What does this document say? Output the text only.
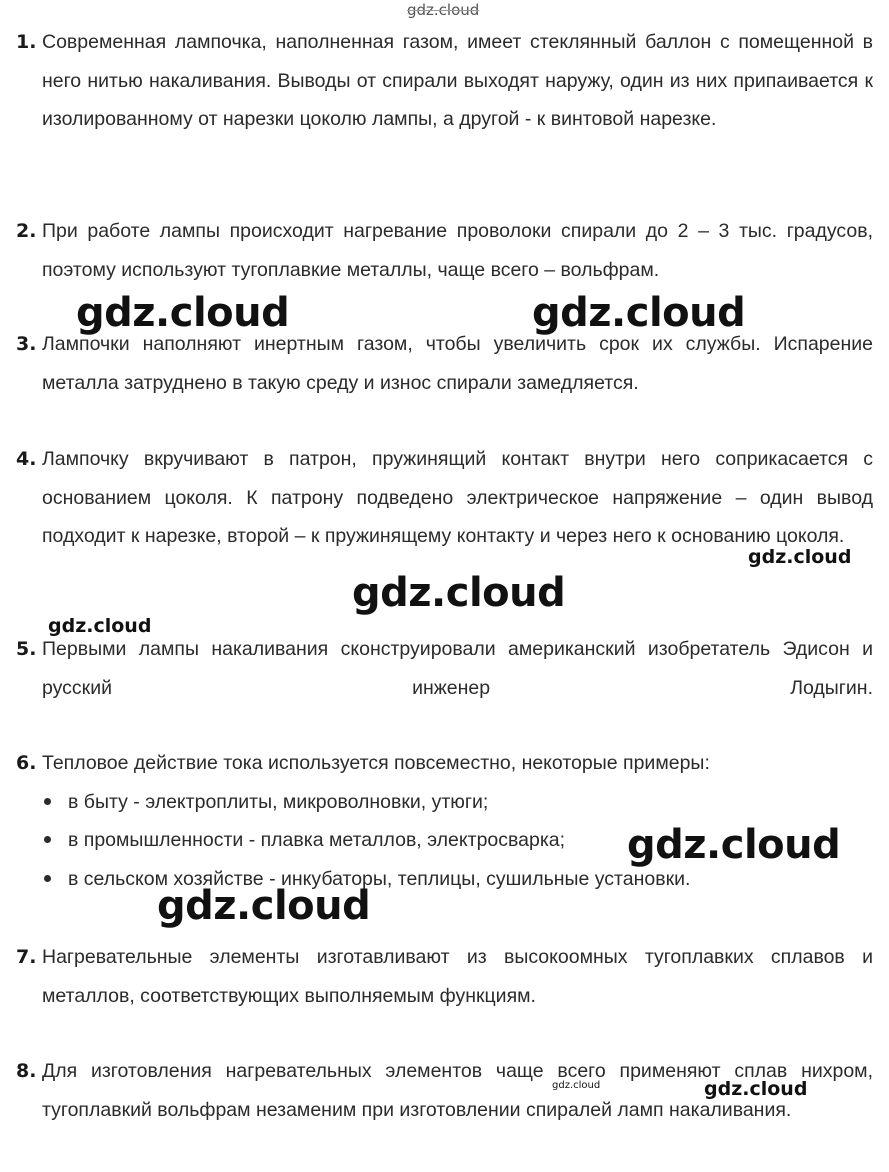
gdz.cloud
1. Современная лампочка, наполненная газом, имеет стеклянный баллон с помещенной в него нитью накаливания. Выводы от спирали выходят наружу, один из них припаивается к изолированному от нарезки цоколю лампы, а другой - к винтовой нарезке.
2. При работе лампы происходит нагревание проволоки спирали до 2 – 3 тыс. градусов, поэтому используют тугоплавкие металлы, чаще всего – вольфрам.
3. Лампочки наполняют инертным газом, чтобы увеличить срок их службы. Испарение металла затруднено в такую среду и износ спирали замедляется.
4. Лампочку вкручивают в патрон, пружинящий контакт внутри него соприкасается с основанием цоколя. К патрону подведено электрическое напряжение – один вывод подходит к нарезке, второй – к пружинящему контакту и через него к основанию цоколя.
5. Первыми лампы накаливания сконструировали американский изобретатель Эдисон и русский инженер Лодыгин.
6. Тепловое действие тока используется повсеместно, некоторые примеры:
в быту - электроплиты, микроволновки, утюги;
в промышленности - плавка металлов, электросварка;
в сельском хозяйстве - инкубаторы, теплицы, сушильные установки.
7. Нагревательные элементы изготавливают из высокоомных тугоплавких сплавов и металлов, соответствующих выполняемым функциям.
8. Для изготовления нагревательных элементов чаще всего применяют сплав нихром, тугоплавкий вольфрам незаменим при изготовлении спиралей ламп накаливания.
gdz.cloud	gdz.cloud
gdz.cloud
gdz.cloud
gdz.cloud
gdz.cloud
gdz.cloud
gdz.cloud
gdz.cloud
